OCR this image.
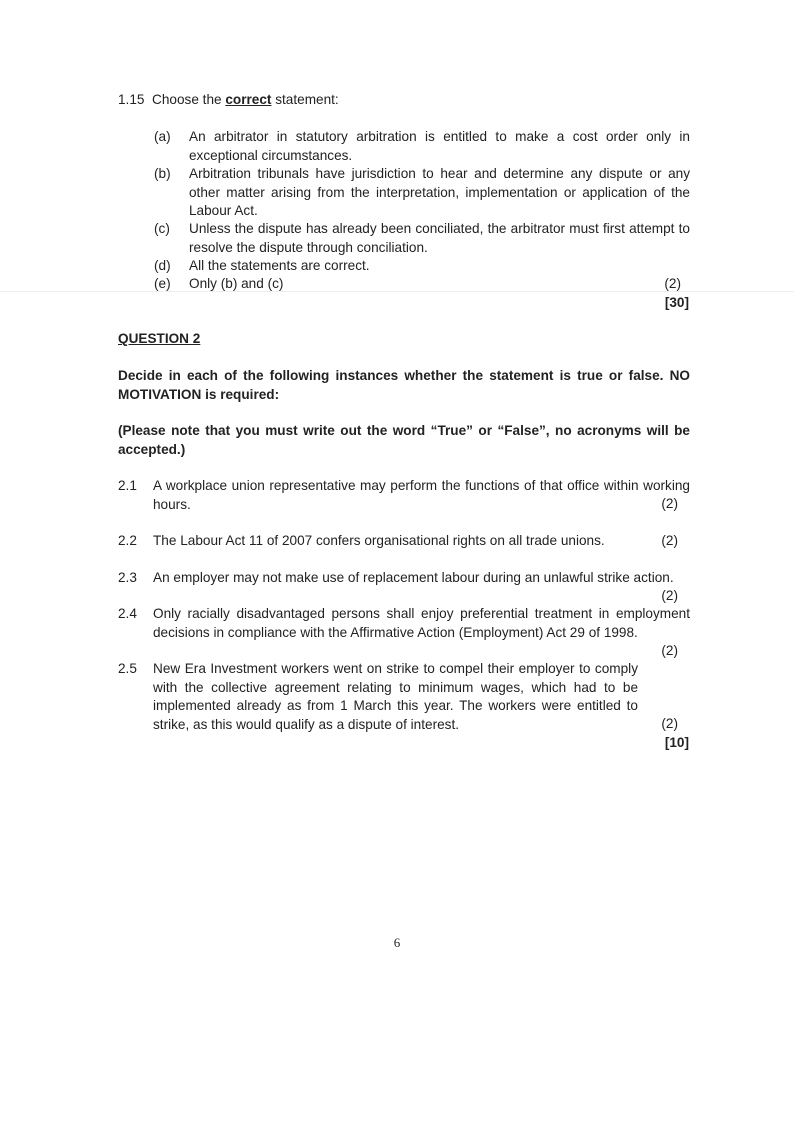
1.15 Choose the correct statement:
(a)	An arbitrator in statutory arbitration is entitled to make a cost order only in exceptional circumstances.
(b)	Arbitration tribunals have jurisdiction to hear and determine any dispute or any other matter arising from the interpretation, implementation or application of the Labour Act.
(c)	Unless the dispute has already been conciliated, the arbitrator must first attempt to resolve the dispute through conciliation.
(d)	All the statements are correct.
(e)	Only (b) and (c)	(2)
[30]
QUESTION 2
Decide in each of the following instances whether the statement is true or false. NO MOTIVATION is required:
(Please note that you must write out the word “True” or “False”, no acronyms will be accepted.)
2.1	A workplace union representative may perform the functions of that office within working hours.	(2)
2.2	The Labour Act 11 of 2007 confers organisational rights on all trade unions.	(2)
2.3	An employer may not make use of replacement labour during an unlawful strike action.
(2)
2.4	Only racially disadvantaged persons shall enjoy preferential treatment in employment decisions in compliance with the Affirmative Action (Employment) Act 29 of 1998.
(2)
2.5	New Era Investment workers went on strike to compel their employer to comply with the collective agreement relating to minimum wages, which had to be implemented already as from 1 March this year. The workers were entitled to strike, as this would qualify as a dispute of interest.	(2)
[10]
6
